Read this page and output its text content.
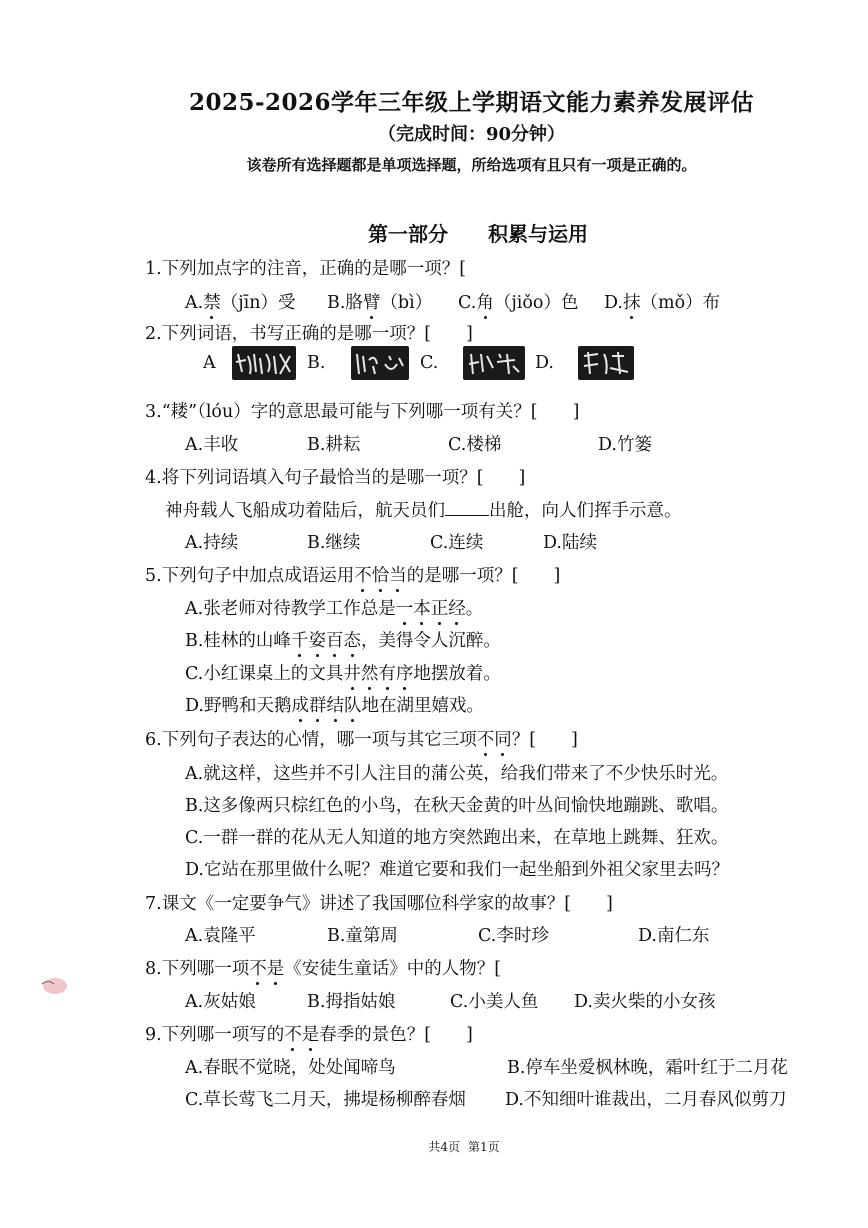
2025-2026学年三年级上学期语文能力素养发展评估
（完成时间：90分钟）
该卷所有选择题都是单项选择题，所给选项有且只有一项是正确的。
第一部分 积累与运用
1.下列加点字的注音，正确的是哪一项？[
A.禁（jīn）受 B.胳臂（bì） C.角（jiǒo）色 D.抹（mǒ）布
2.下列词语，书写正确的是哪一项？[　　]
A	B.	C.	D.
3.“耧”（lóu）字的意思最可能与下列哪一项有关？[　　]
A.丰收	B.耕耘	C.楼梯	D.竹篓
4.将下列词语填入句子最恰当的是哪一项？[　　]
神舟载人飞船成功着陆后，航天员们	出舱，向人们挥手示意。
A.持续	B.继续	C.连续	D.陆续
5.下列句子中加点成语运用不恰当的是哪一项？[　　]
A.张老师对待教学工作总是一本正经。
B.桂林的山峰千姿百态，美得令人沉醉。
C.小红课桌上的文具井然有序地摆放着。
D.野鸭和天鹅成群结队地在湖里嬉戏。
6.下列句子表达的心情，哪一项与其它三项不同？[　　]
A.就这样，这些并不引人注目的蒲公英，给我们带来了不少快乐时光。
B.这多像两只棕红色的小鸟，在秋天金黄的叶丛间愉快地蹦跳、歌唱。
C.一群一群的花从无人知道的地方突然跑出来，在草地上跳舞、狂欢。
D.它站在那里做什么呢？难道它要和我们一起坐船到外祖父家里去吗？
7.课文《一定要争气》讲述了我国哪位科学家的故事？[　　]
A.袁隆平	B.童第周	C.李时珍	D.南仁东
8.下列哪一项不是《安徒生童话》中的人物？[
A.灰姑娘	B.拇指姑娘	C.小美人鱼 D.卖火柴的小女孩
9.下列哪一项写的不是春季的景色？[　　]
A.春眠不觉晓，处处闻啼鸟	B.停车坐爱枫林晚，霜叶红于二月花
C.草长莺飞二月天，拂堤杨柳醉春烟 D.不知细叶谁裁出，二月春风似剪刀
共4页 第1页
